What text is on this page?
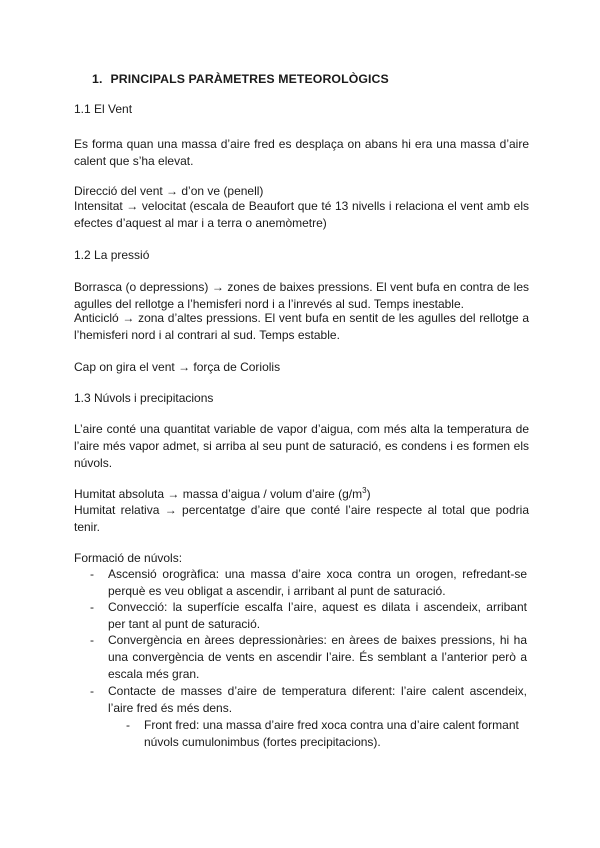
1. PRINCIPALS PARÀMETRES METEOROLÒGICS
1.1 El Vent
Es forma quan una massa d’aire fred es desplaça on abans hi era una massa d’aire calent que s’ha elevat.
Direcció del vent → d’on ve (penell)
Intensitat → velocitat (escala de Beaufort que té 13 nivells i relaciona el vent amb els efectes d’aquest al mar i a terra o anemòmetre)
1.2 La pressió
Borrasca (o depressions) → zones de baixes pressions. El vent bufa en contra de les agulles del rellotge a l’hemisferi nord i a l’inrevés al sud. Temps inestable.
Anticicló → zona d’altes pressions. El vent bufa en sentit de les agulles del rellotge a l’hemisferi nord i al contrari al sud. Temps estable.
Cap on gira el vent → força de Coriolis
1.3 Núvols i precipitacions
L’aire conté una quantitat variable de vapor d’aigua, com més alta la temperatura de l’aire més vapor admet, si arriba al seu punt de saturació, es condens i es formen els núvols.
Humitat absoluta → massa d’aigua / volum d’aire $(g/m^3)$
Humitat relativa → percentatge d’aire que conté l’aire respecte al total que podria tenir.
Formació de núvols:
- Ascensió orogràfica: una massa d’aire xoca contra un orogen, refredant-se perquè es veu obligat a ascendir, i arribant al punt de saturació.
- Convecció: la superfície escalfa l’aire, aquest es dilata i ascendeix, arribant per tant al punt de saturació.
- Convergència en àrees depressionàries: en àrees de baixes pressions, hi ha una convergència de vents en ascendir l’aire. És semblant a l’anterior però a escala més gran.
- Contacte de masses d’aire de temperatura diferent: l’aire calent ascendeix, l’aire fred és més dens.
- Front fred: una massa d’aire fred xoca contra una d’aire calent formant núvols cumulonimbus (fortes precipitacions).
